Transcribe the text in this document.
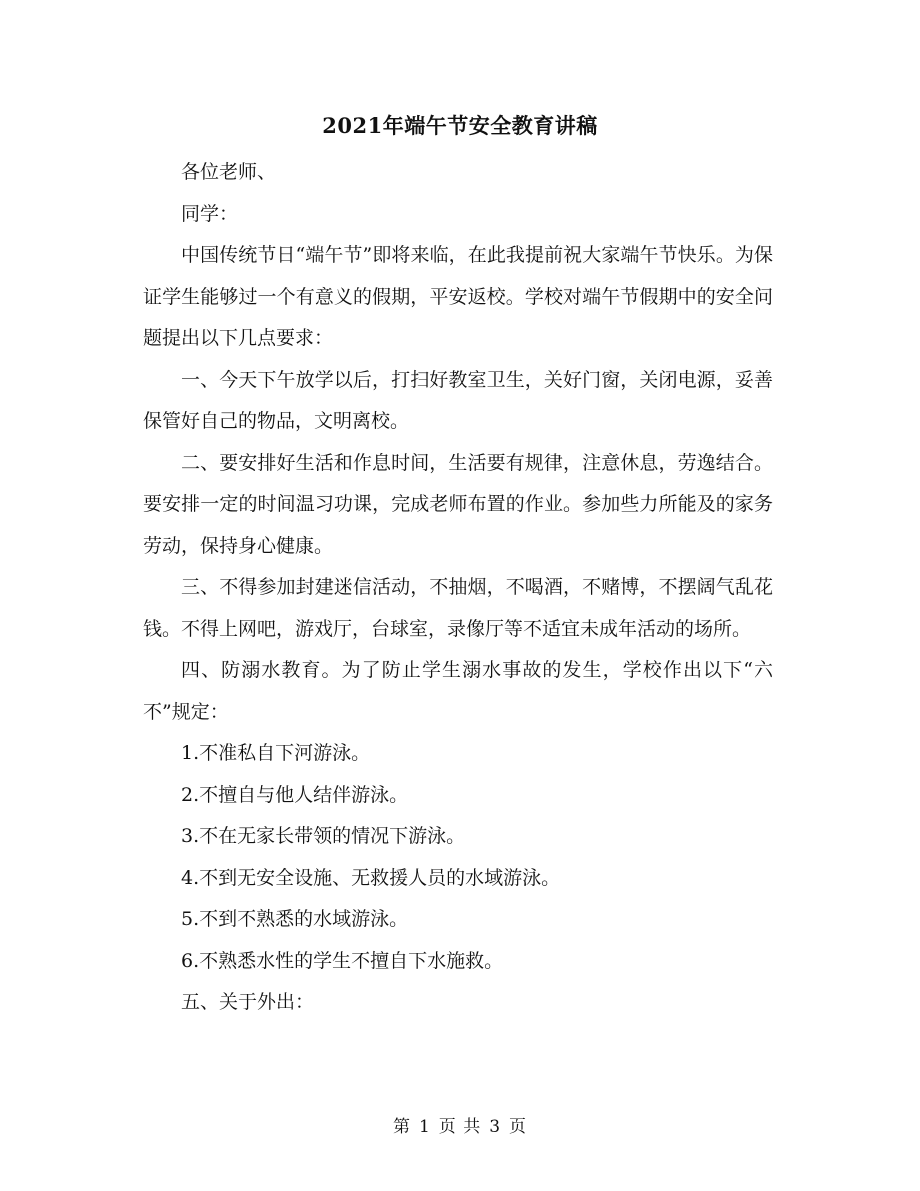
2021年端午节安全教育讲稿

各位老师、

同学：

中国传统节日“端午节”即将来临，在此我提前祝大家端午节快乐。为保证学生能够过一个有意义的假期，平安返校。学校对端午节假期中的安全问题提出以下几点要求：

一、今天下午放学以后，打扫好教室卫生，关好门窗，关闭电源，妥善保管好自己的物品，文明离校。

二、要安排好生活和作息时间，生活要有规律，注意休息，劳逸结合。要安排一定的时间温习功课，完成老师布置的作业。参加些力所能及的家务劳动，保持身心健康。

三、不得参加封建迷信活动，不抽烟，不喝酒，不赌博，不摆阔气乱花钱。不得上网吧，游戏厅，台球室，录像厅等不适宜未成年活动的场所。

四、防溺水教育。为了防止学生溺水事故的发生，学校作出以下“六不”规定：

1.不准私自下河游泳。

2.不擅自与他人结伴游泳。

3.不在无家长带领的情况下游泳。

4.不到无安全设施、无救援人员的水域游泳。

5.不到不熟悉的水域游泳。

6.不熟悉水性的学生不擅自下水施救。

五、关于外出：

第 1 页 共 3 页
